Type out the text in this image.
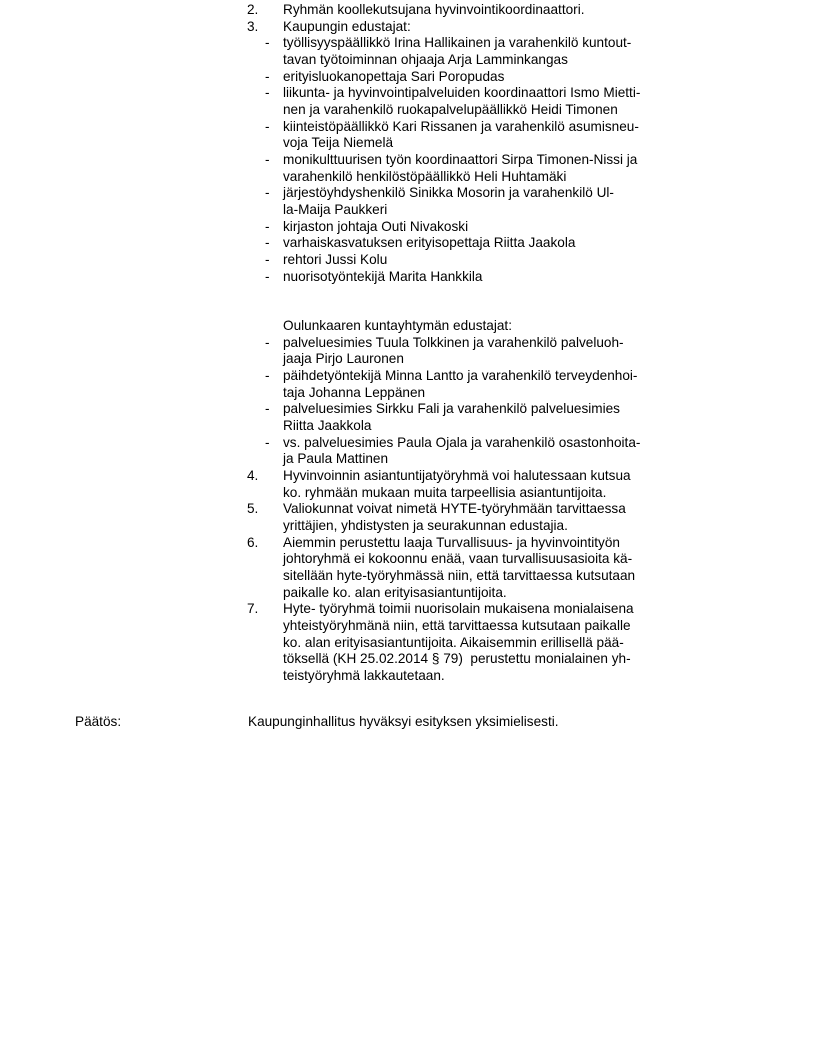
2. Ryhmän koollekutsujana hyvinvointikoordinaattori.
3. Kaupungin edustajat:
- työllisyyspäällikkö Irina Hallikainen ja varahenkilö kuntout-
tavan työtoiminnan ohjaaja Arja Lamminkangas
- erityisluokanopettaja Sari Poropudas
- liikunta- ja hyvinvointipalveluiden koordinaattori Ismo Mietti-
nen ja varahenkilö ruokapalvelupäällikkö Heidi Timonen
- kiinteistöpäällikkö Kari Rissanen ja varahenkilö asumisneu-
voja Teija Niemelä
- monikulttuurisen työn koordinaattori Sirpa Timonen-Nissi ja
varahenkilö henkilöstöpäällikkö Heli Huhtamäki
- järjestöyhdyshenkilö Sinikka Mosorin ja varahenkilö Ul-
la-Maija Paukkeri
- kirjaston johtaja Outi Nivakoski
- varhaiskasvatuksen erityisopettaja Riitta Jaakola
- rehtori Jussi Kolu
- nuorisotyöntekijä Marita Hankkila
Oulunkaaren kuntayhtymän edustajat:
- palveluesimies Tuula Tolkkinen ja varahenkilö palveluoh-
jaaja Pirjo Lauronen
- päihdetyöntekijä Minna Lantto ja varahenkilö terveydenhoi-
taja Johanna Leppänen
- palveluesimies Sirkku Fali ja varahenkilö palveluesimies
Riitta Jaakkola
- vs. palveluesimies Paula Ojala ja varahenkilö osastonhoita-
ja Paula Mattinen
4. Hyvinvoinnin asiantuntijatyöryhmä voi halutessaan kutsua
ko. ryhmään mukaan muita tarpeellisia asiantuntijoita.
5. Valiokunnat voivat nimetä HYTE-työryhmään tarvittaessa
yrittäjien, yhdistysten ja seurakunnan edustajia.
6. Aiemmin perustettu laaja Turvallisuus- ja hyvinvointityön
johtoryhmä ei kokoonnu enää, vaan turvallisuusasioita kä-
sitellään hyte-työryhmässä niin, että tarvittaessa kutsutaan
paikalle ko. alan erityisasiantuntijoita.
7. Hyte- työryhmä toimii nuorisolain mukaisena monialaisena
yhteistyöryhmänä niin, että tarvittaessa kutsutaan paikalle
ko. alan erityisasiantuntijoita. Aikaisemmin erillisellä pää-
töksellä (KH 25.02.2014 § 79)  perustettu monialainen yh-
teistyöryhmä lakkautetaan.

Päätös:

	Kaupunginhallitus hyväksyi esityksen yksimielisesti.
